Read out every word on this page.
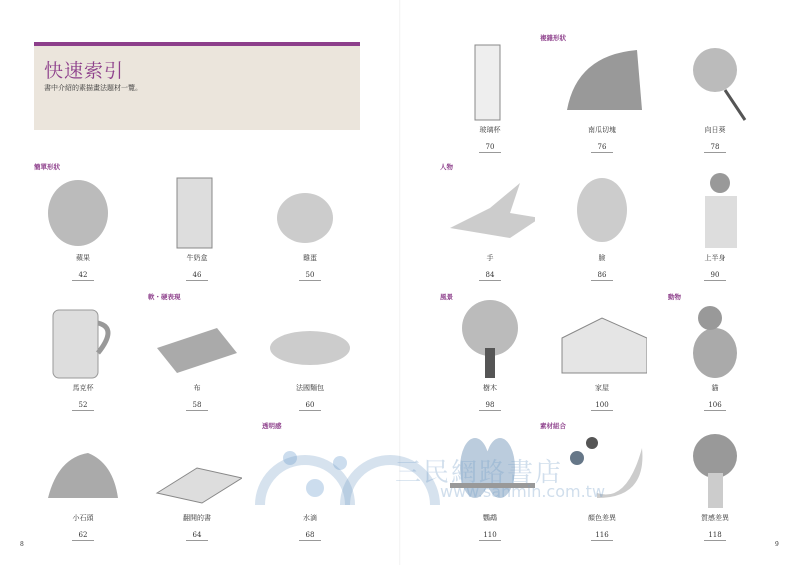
快速索引
書中介紹的素描畫法題材一覽。
簡單形狀
軟・硬表現
透明感
複雜形狀
人物
風景	動物
素材組合
蘋果
42
牛奶盒
46
雞蛋
50
馬克杯
52
布
58
法國麵包
60
小石頭
62
翻開的書
64
水滴
68
玻璃杯
70
南瓜切塊
76
向日葵
78
手
84
臉
86
上半身
90
樹木
98
家屋
100
貓
106
鸚鵡
110
顏色差異
116
質感差異
118
三民網路書店
www.sanmin.com.tw
8	9
